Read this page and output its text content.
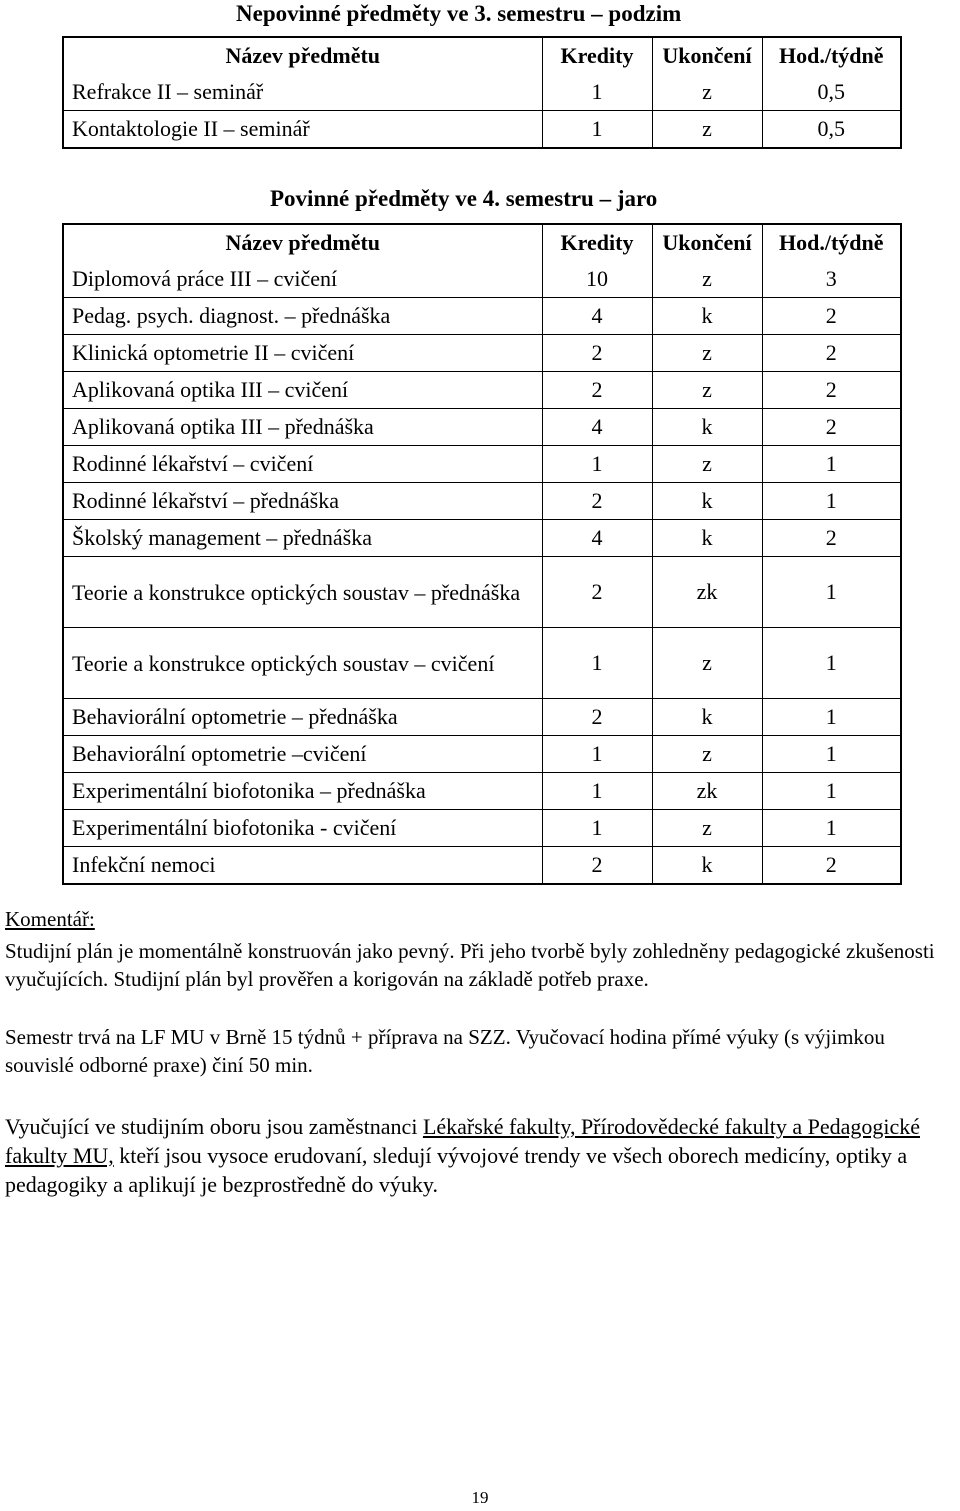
Nepovinné předměty ve 3. semestru – podzim
Název předmětu	Kredity	Ukončení	Hod./týdně
Refrakce II – seminář	1	z	0,5
Kontaktologie II – seminář	1	z	0,5
Povinné předměty ve 4. semestru – jaro
Název předmětu	Kredity	Ukončení	Hod./týdně
Diplomová práce III – cvičení	10	z	3
Pedag. psych. diagnost. – přednáška	4	k	2
Klinická optometrie II – cvičení	2	z	2
Aplikovaná optika III – cvičení	2	z	2
Aplikovaná optika III – přednáška	4	k	2
Rodinné lékařství – cvičení	1	z	1
Rodinné lékařství – přednáška	2	k	1
Školský management – přednáška	4	k	2
Teorie a konstrukce optických soustav – přednáška	2	zk	1
Teorie a konstrukce optických soustav – cvičení	1	z	1
Behaviorální optometrie – přednáška	2	k	1
Behaviorální optometrie –cvičení	1	z	1
Experimentální biofotonika – přednáška	1	zk	1
Experimentální biofotonika - cvičení	1	z	1
Infekční nemoci	2	k	2
Komentář:
Studijní plán je momentálně konstruován jako pevný. Při jeho tvorbě byly zohledněny pedagogické zkušenosti vyučujících. Studijní plán byl prověřen a korigován na základě potřeb praxe.
Semestr trvá na LF MU v Brně 15 týdnů + příprava na SZZ. Vyučovací hodina přímé výuky (s výjimkou souvislé odborné praxe) činí 50 min.
Vyučující ve studijním oboru jsou zaměstnanci Lékařské fakulty, Přírodovědecké fakulty a Pedagogické fakulty MU, kteří jsou vysoce erudovaní, sledují vývojové trendy ve všech oborech medicíny, optiky a pedagogiky a aplikují je bezprostředně do výuky.
19
